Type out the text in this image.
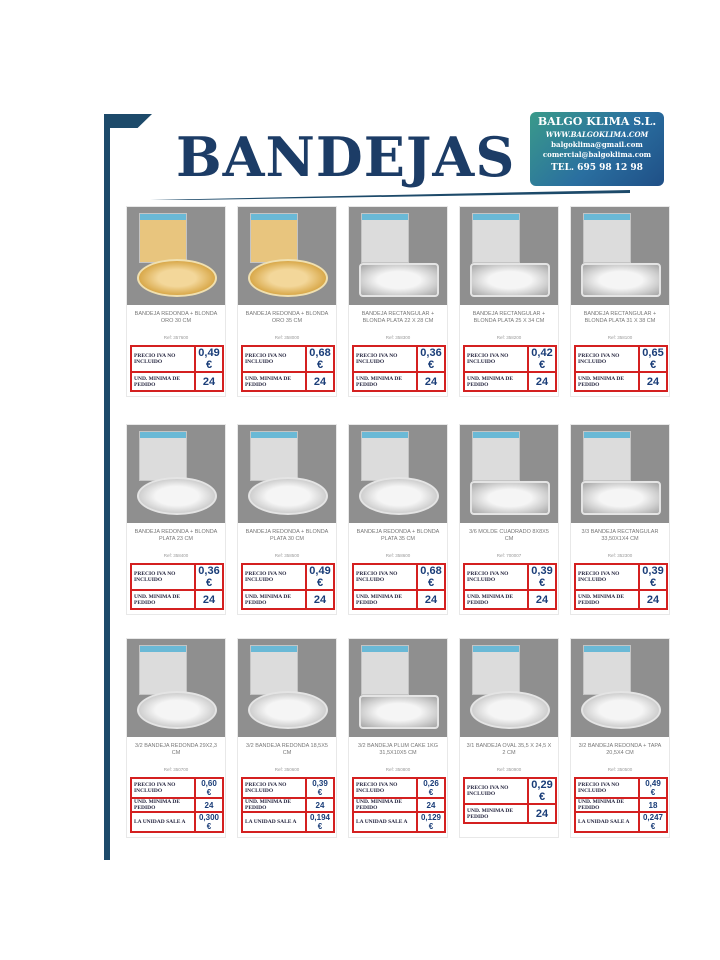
BANDEJAS
BALGO KLIMA S.L.
WWW.BALGOKLIMA.COM
balgoklima@gmail.com
comercial@balgoklima.com
TEL. 695 98 12 98
BANDEJA REDONDA + BLONDA ORO 30 CM
Ref: 357600
PRECIO IVA NO INCLUIDO	0,49 €
UND. MINIMA DE PEDIDO	24
BANDEJA REDONDA + BLONDA ORO 35 CM
Ref: 358000
PRECIO IVA NO INCLUIDO	0,68 €
UND. MINIMA DE PEDIDO	24
BANDEJA RECTANGULAR + BLONDA PLATA 22 X 28 CM
Ref: 358300
PRECIO IVA NO INCLUIDO	0,36 €
UND. MINIMA DE PEDIDO	24
BANDEJA RECTANGULAR + BLONDA PLATA 25 X 34 CM
Ref: 358200
PRECIO IVA NO INCLUIDO	0,42 €
UND. MINIMA DE PEDIDO	24
BANDEJA RECTANGULAR + BLONDA PLATA 31 X 38 CM
Ref: 358100
PRECIO IVA NO INCLUIDO	0,65 €
UND. MINIMA DE PEDIDO	24
BANDEJA REDONDA + BLONDA PLATA 23 CM
Ref: 358400
PRECIO IVA NO INCLUIDO	0,36 €
UND. MINIMA DE PEDIDO	24
BANDEJA REDONDA + BLONDA PLATA 30 CM
Ref: 358500
PRECIO IVA NO INCLUIDO	0,49 €
UND. MINIMA DE PEDIDO	24
BANDEJA REDONDA + BLONDA PLATA 35 CM
Ref: 358600
PRECIO IVA NO INCLUIDO	0,68 €
UND. MINIMA DE PEDIDO	24
3/6 MOLDE CUADRADO 8X8X5 CM
Ref: 700007
PRECIO IVA NO INCLUIDO	0,39 €
UND. MINIMA DE PEDIDO	24
3/3 BANDEJA RECTANGULAR 33,50X1X4 CM
Ref: 352300
PRECIO IVA NO INCLUIDO	0,39 €
UND. MINIMA DE PEDIDO	24
3/2 BANDEJA REDONDA 29X2,3 CM
Ref: 350700
PRECIO IVA NO INCLUIDO	0,60 €
UND. MINIMA DE PEDIDO	24
LA UNIDAD SALE A	0,300 €
3/2 BANDEJA REDONDA 18,5X5 CM
Ref: 350600
PRECIO IVA NO INCLUIDO	0,39 €
UND. MINIMA DE PEDIDO	24
LA UNIDAD SALE A	0,194 €
3/2 BANDEJA PLUM CAKE 1KG 31,5X10X5 CM
Ref: 350800
PRECIO IVA NO INCLUIDO	0,26 €
UND. MINIMA DE PEDIDO	24
LA UNIDAD SALE A	0,129 €
3/1 BANDEJA OVAL 35,5 X 24,5 X 2 CM
Ref: 350900
PRECIO IVA NO INCLUIDO	0,29 €
UND. MINIMA DE PEDIDO	24
3/2 BANDEJA REDONDA + TAPA 20,5X4 CM
Ref: 350500
PRECIO IVA NO INCLUIDO	0,49 €
UND. MINIMA DE PEDIDO	18
LA UNIDAD SALE A	0,247 €
